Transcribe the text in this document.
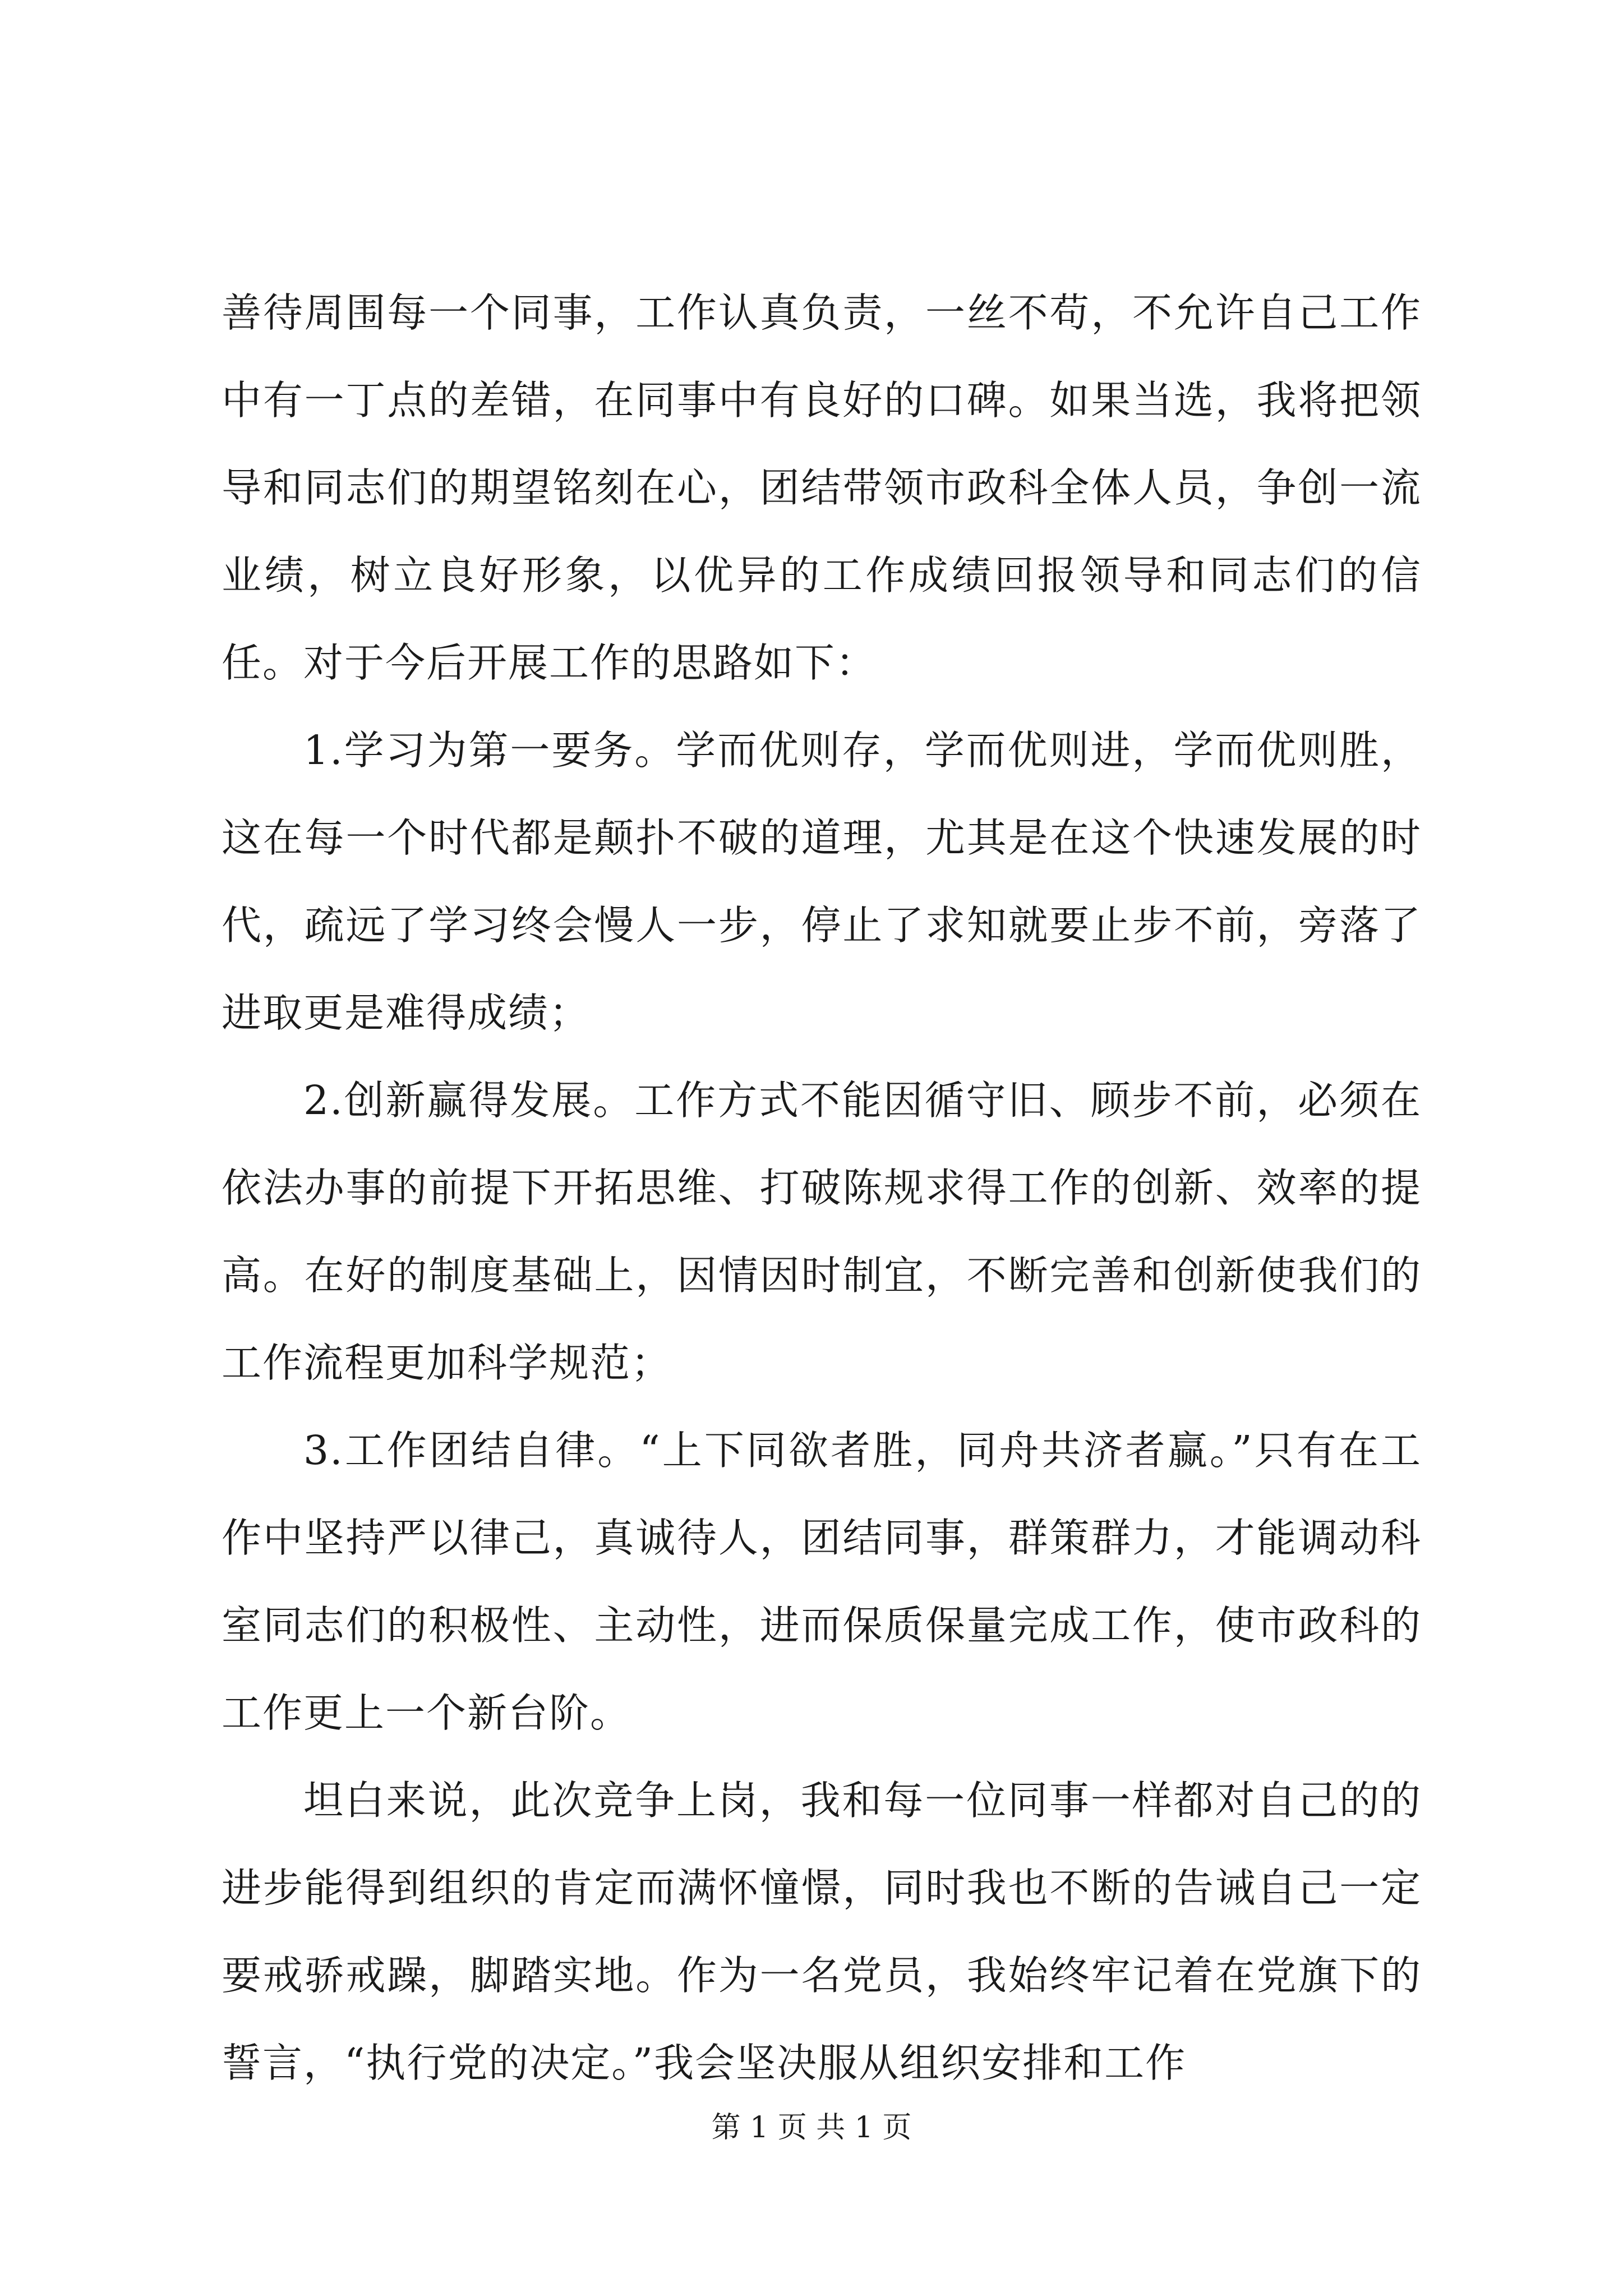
善待周围每一个同事，工作认真负责，一丝不苟，不允许自己工作中有一丁点的差错，在同事中有良好的口碑。如果当选，我将把领导和同志们的期望铭刻在心，团结带领市政科全体人员，争创一流业绩，树立良好形象，以优异的工作成绩回报领导和同志们的信任。对于今后开展工作的思路如下：

1.学习为第一要务。学而优则存，学而优则进，学而优则胜，这在每一个时代都是颠扑不破的道理，尤其是在这个快速发展的时代，疏远了学习终会慢人一步，停止了求知就要止步不前，旁落了进取更是难得成绩；

2.创新赢得发展。工作方式不能因循守旧、顾步不前，必须在依法办事的前提下开拓思维、打破陈规求得工作的创新、效率的提高。在好的制度基础上，因情因时制宜，不断完善和创新使我们的工作流程更加科学规范；

3.工作团结自律。“上下同欲者胜，同舟共济者赢。”只有在工作中坚持严以律己，真诚待人，团结同事，群策群力，才能调动科室同志们的积极性、主动性，进而保质保量完成工作，使市政科的工作更上一个新台阶。

坦白来说，此次竞争上岗，我和每一位同事一样都对自己的的进步能得到组织的肯定而满怀憧憬，同时我也不断的告诫自己一定要戒骄戒躁，脚踏实地。作为一名党员，我始终牢记着在党旗下的誓言，“执行党的决定。”我会坚决服从组织安排和工作

第 1 页 共 1 页
